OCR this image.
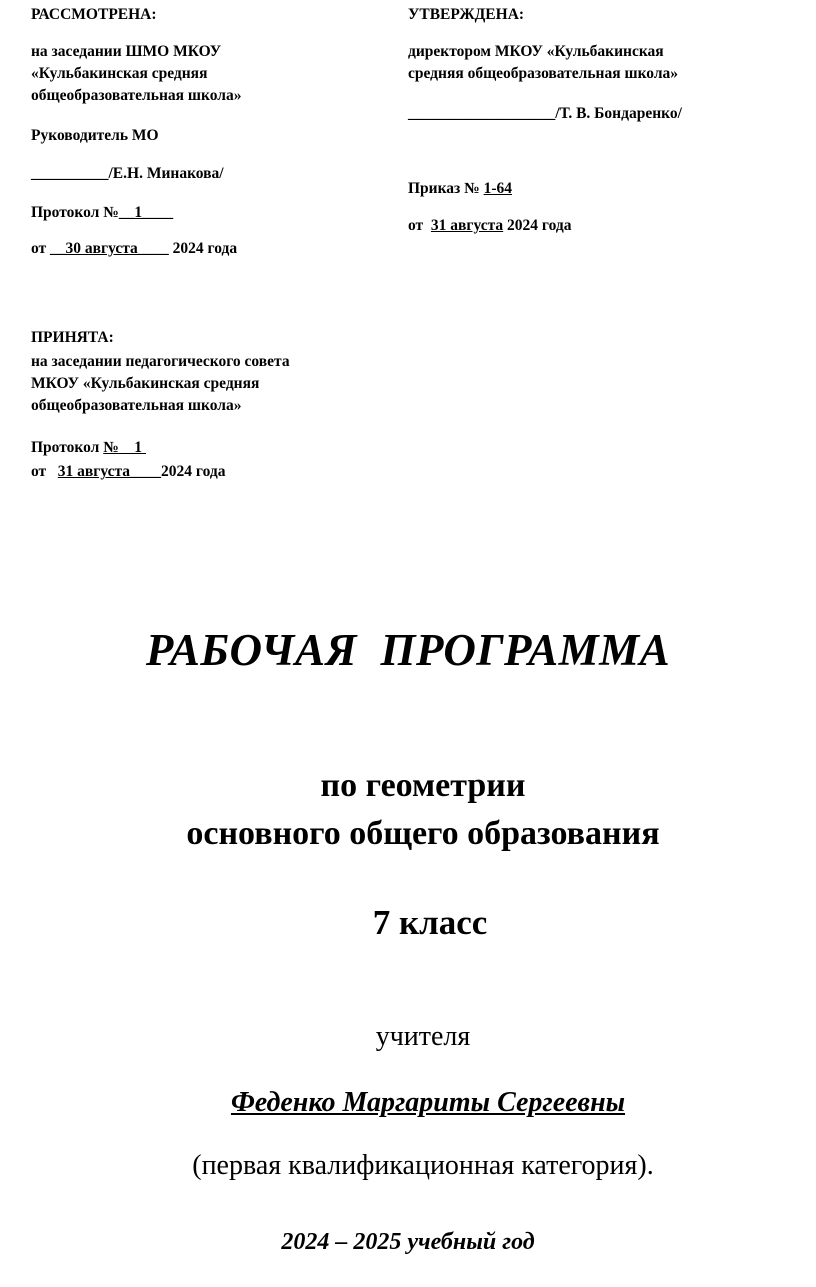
РАССМОТРЕНА:
на заседании ШМО МКОУ
«Кульбакинская средняя
общеобразовательная школа»
Руководитель МО
__________/Е.Н. Минакова/
Протокол №__1____
от __30 августа____ 2024 года
УТВЕРЖДЕНА:
директором МКОУ «Кульбакинская
средняя общеобразовательная школа»
___________________/Т. В. Бондаренко/
Приказ № 1-64
от 31 августа 2024 года
ПРИНЯТА:
на заседании педагогического совета
МКОУ «Кульбакинская средняя
общеобразовательная школа»
Протокол №    1
от 31 августа____2024 года
РАБОЧАЯ  ПРОГРАММА
по геометрии
основного общего образования
7 класс
учителя
Феденко Маргариты Сергеевны
(первая квалификационная категория).
2024 – 2025 учебный год
